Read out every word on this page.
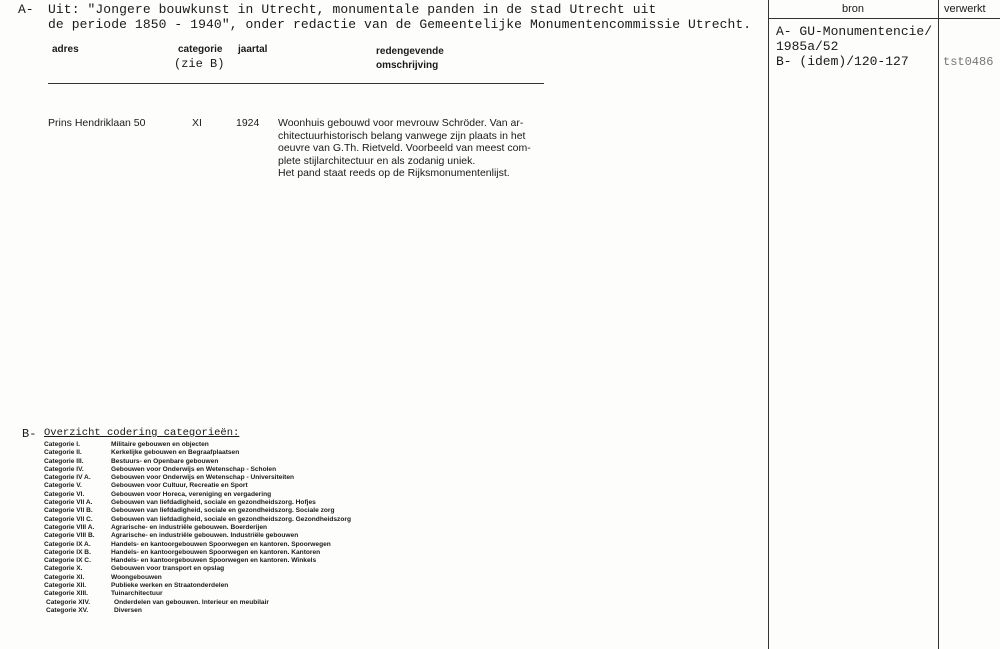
A- Uit: "Jongere bouwkunst in Utrecht, monumentale panden in de stad Utrecht uit
de periode 1850 - 1940", onder redactie van de Gemeentelijke Monumentencommissie Utrecht.
adres	categorie
(zie B)
jaartal	redengevende
omschrijving
Prins Hendriklaan 50	XI	1924 Woonhuis gebouwd voor mevrouw Schröder. Van ar-
chitectuurhistorisch belang vanwege zijn plaats in het
oeuvre van G.Th. Rietveld. Voorbeeld van meest com-
plete stijlarchitectuur en als zodanig uniek.
Het pand staat reeds op de Rijksmonumentenlijst.
bron	verwerkt
A- GU-Monumentencie/
1985a/52
B- (idem)/120-127	tst0486
B- Overzicht codering categorieën:
Categorie I.	Militaire gebouwen en objecten
Categorie II.	Kerkelijke gebouwen en Begraafplaatsen
Categorie III.	Bestuurs- en Openbare gebouwen
Categorie IV.	Gebouwen voor Onderwijs en Wetenschap - Scholen
Categorie IV A.	Gebouwen voor Onderwijs en Wetenschap - Universiteiten
Categorie V.	Gebouwen voor Cultuur, Recreatie en Sport
Categorie VI.	Gebouwen voor Horeca, vereniging en vergadering
Categorie VII A.	Gebouwen van liefdadigheid, sociale en gezondheidszorg. Hofjes
Categorie VII B.	Gebouwen van liefdadigheid, sociale en gezondheidszorg. Sociale zorg
Categorie VII C.	Gebouwen van liefdadigheid, sociale en gezondheidszorg. Gezondheidszorg
Categorie VIII A.	Agrarische- en industriële gebouwen. Boerderijen
Categorie VIII B. Agrarische- en industriële gebouwen. Industriële gebouwen
Categorie IX A.	Handels- en kantoorgebouwen Spoorwegen en kantoren. Spoorwegen
Categorie IX B.	Handels- en kantoorgebouwen Spoorwegen en kantoren. Kantoren
Categorie IX C.	Handels- en kantoorgebouwen Spoorwegen en kantoren. Winkels
Categorie X.	Gebouwen voor transport en opslag
Categorie XI.	Woongebouwen
Categorie XII.	Publieke werken en Straatonderdelen
Categorie XIII.	Tuinarchitectuur
Categorie XIV.	Onderdelen van gebouwen. Interieur en meubilair
Categorie XV.	Diversen
